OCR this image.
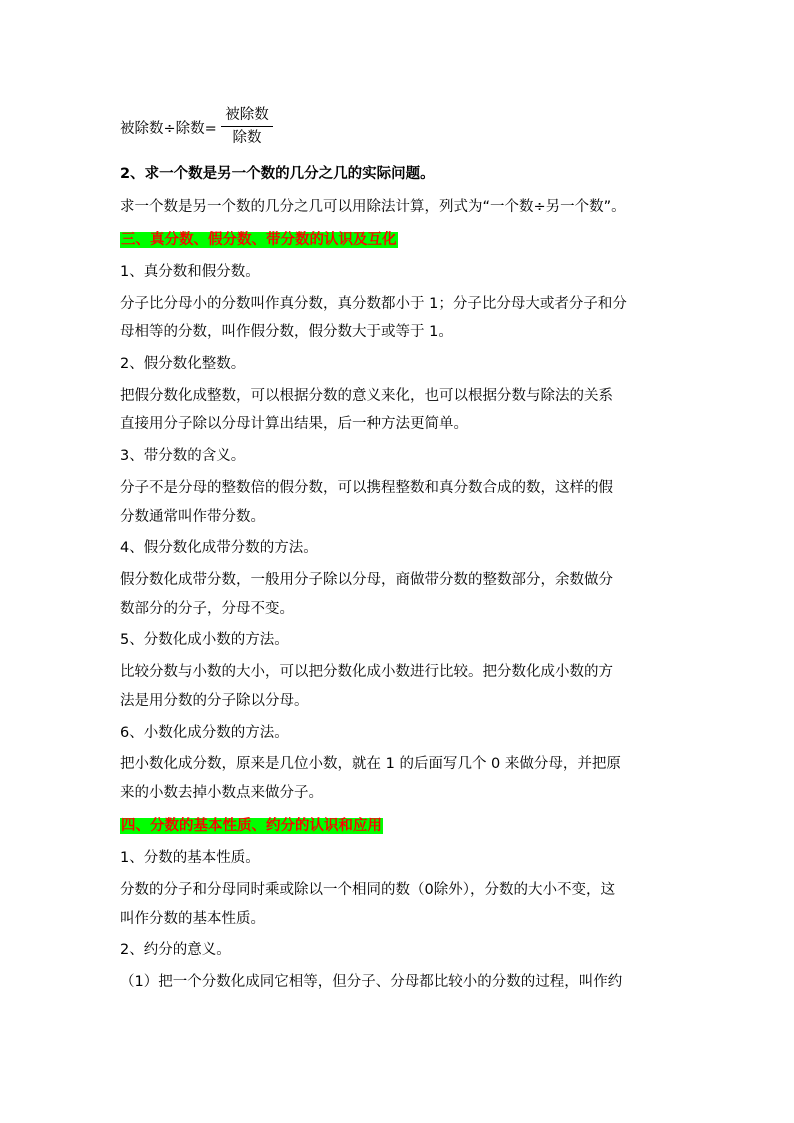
被除数÷除数=
被除数
除数
2、求一个数是另一个数的几分之几的实际问题。
求一个数是另一个数的几分之几可以用除法计算，列式为“一个数÷另一个数”。
三、真分数、假分数、带分数的认识及互化
1、真分数和假分数。
分子比分母小的分数叫作真分数，真分数都小于 1；分子比分母大或者分子和分
母相等的分数，叫作假分数，假分数大于或等于 1。
2、假分数化整数。
把假分数化成整数，可以根据分数的意义来化，也可以根据分数与除法的关系
直接用分子除以分母计算出结果，后一种方法更简单。
3、带分数的含义。
分子不是分母的整数倍的假分数，可以携程整数和真分数合成的数，这样的假
分数通常叫作带分数。
4、假分数化成带分数的方法。
假分数化成带分数，一般用分子除以分母，商做带分数的整数部分，余数做分
数部分的分子，分母不变。
5、分数化成小数的方法。
比较分数与小数的大小，可以把分数化成小数进行比较。把分数化成小数的方
法是用分数的分子除以分母。
6、小数化成分数的方法。
把小数化成分数，原来是几位小数，就在 1 的后面写几个 0 来做分母，并把原
来的小数去掉小数点来做分子。
四、分数的基本性质、约分的认识和应用
1、分数的基本性质。
分数的分子和分母同时乘或除以一个相同的数（0除外），分数的大小不变，这
叫作分数的基本性质。
2、约分的意义。
（1）把一个分数化成同它相等，但分子、分母都比较小的分数的过程，叫作约
